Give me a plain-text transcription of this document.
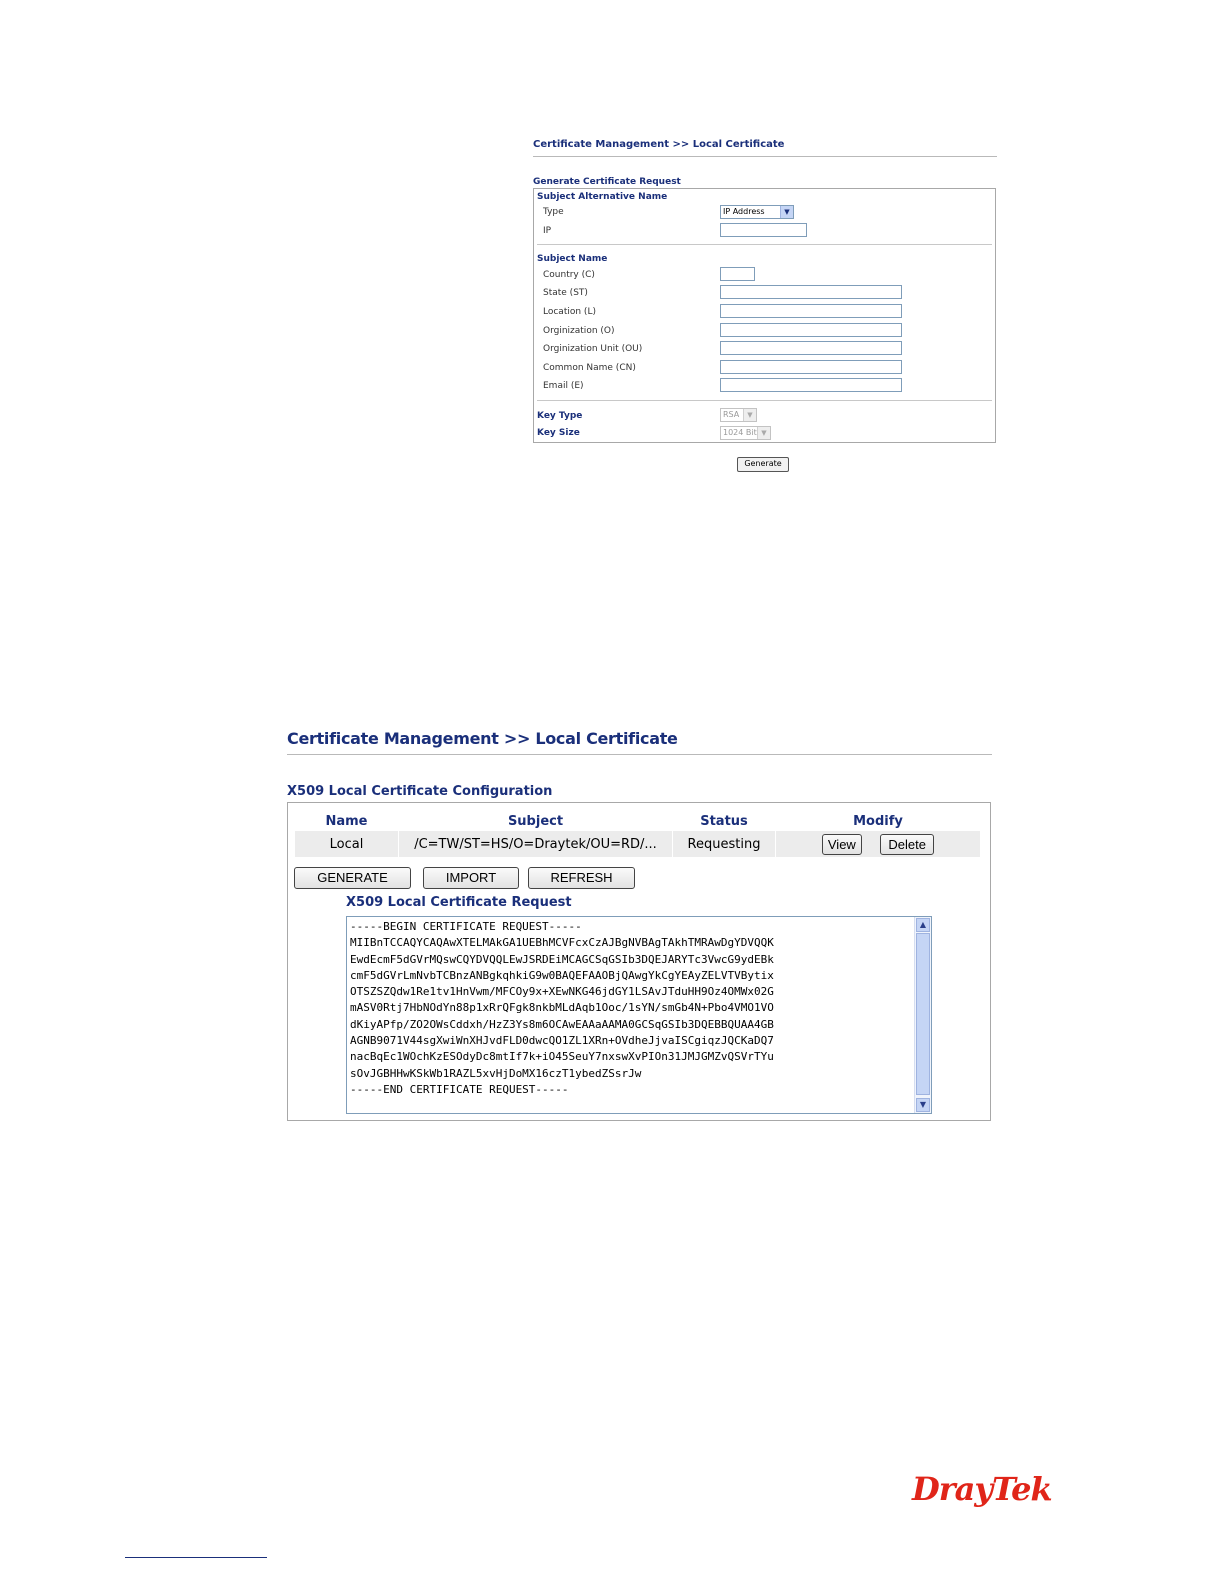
Certificate Management >> Local Certificate
Generate Certificate Request
Subject Alternative Name
Type	IP Address	▼
IP
Subject Name
Country (C)
State (ST)
Location (L)
Orginization (O)
Orginization Unit (OU)
Common Name (CN)
Email (E)
Key Type	RSA	▼
Key Size	1024 Bit ▼
Generate
Certificate Management >> Local Certificate
X509 Local Certificate Configuration
Name	Subject	Status	Modify
Local	/C=TW/ST=HS/O=Draytek/OU=RD/...	Requesting	View Delete
GENERATE	IMPORT	REFRESH
X509 Local Certificate Request
-----BEGIN CERTIFICATE REQUEST-----
MIIBnTCCAQYCAQAwXTELMAkGA1UEBhMCVFcxCzAJBgNVBAgTAkhTMRAwDgYDVQQK
EwdEcmF5dGVrMQswCQYDVQQLEwJSRDEiMCAGCSqGSIb3DQEJARYTc3VwcG9ydEBk
cmF5dGVrLmNvbTCBnzANBgkqhkiG9w0BAQEFAAOBjQAwgYkCgYEAyZELVTVBytix
OTSZSZQdw1Re1tv1HnVwm/MFCOy9x+XEwNKG46jdGY1LSAvJTduHH9Oz4OMWx02G
mASV0Rtj7HbNOdYn88p1xRrQFgk8nkbMLdAqb1Ooc/1sYN/smGb4N+Pbo4VMO1VO
dKiyAPfp/ZO2OWsCddxh/HzZ3Ys8m6OCAwEAAaAAMA0GCSqGSIb3DQEBBQUAA4GB
AGNB9071V44sgXwiWnXHJvdFLD0dwcQO1ZL1XRn+OVdheJjvaISCgiqzJQCKaDQ7
nacBqEc1WOchKzESOdyDc8mtIf7k+iO45SeuY7nxswXvPIOn31JMJGMZvQSVrTYu
sOvJGBHHwKSkWb1RAZL5xvHjDoMX16czT1ybedZSsrJw
-----END CERTIFICATE REQUEST-----
▲
▼
DrayTek
